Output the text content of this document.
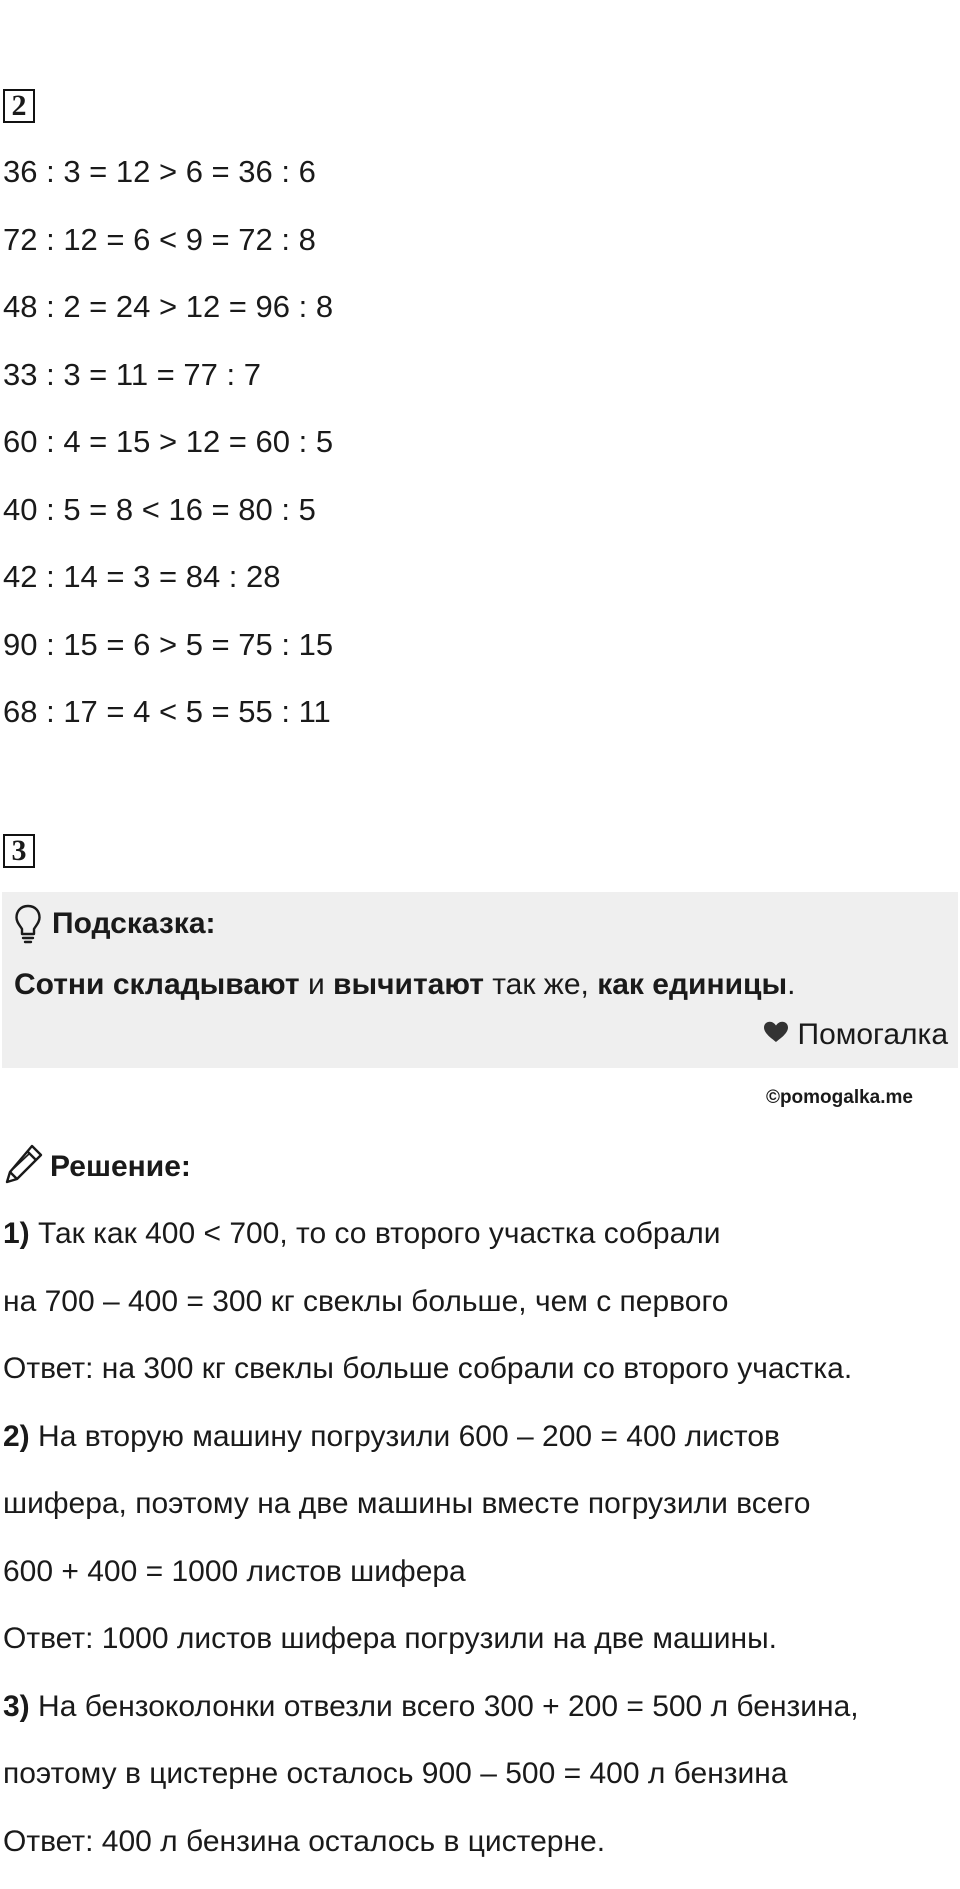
2
36 : 3 = 12 > 6 = 36 : 6
72 : 12 = 6 < 9 = 72 : 8
48 : 2 = 24 > 12 = 96 : 8
33 : 3 = 11 = 77 : 7
60 : 4 = 15 > 12 = 60 : 5
40 : 5 = 8 < 16 = 80 : 5
42 : 14 = 3 = 84 : 28
90 : 15 = 6 > 5 = 75 : 15
68 : 17 = 4 < 5 = 55 : 11
3
Подсказка:
Сотни складывают и вычитают так же, как единицы.
Помогалка
©pomogalka.me
Решение:
1) Так как 400 < 700, то со второго участка собрали
на 700 – 400 = 300 кг свеклы больше, чем с первого
Ответ: на 300 кг свеклы больше собрали со второго участка.
2) На вторую машину погрузили 600 – 200 = 400 листов
шифера, поэтому на две машины вместе погрузили всего
600 + 400 = 1000 листов шифера
Ответ: 1000 листов шифера погрузили на две машины.
3) На бензоколонки отвезли всего 300 + 200 = 500 л бензина,
поэтому в цистерне осталось 900 – 500 = 400 л бензина
Ответ: 400 л бензина осталось в цистерне.
